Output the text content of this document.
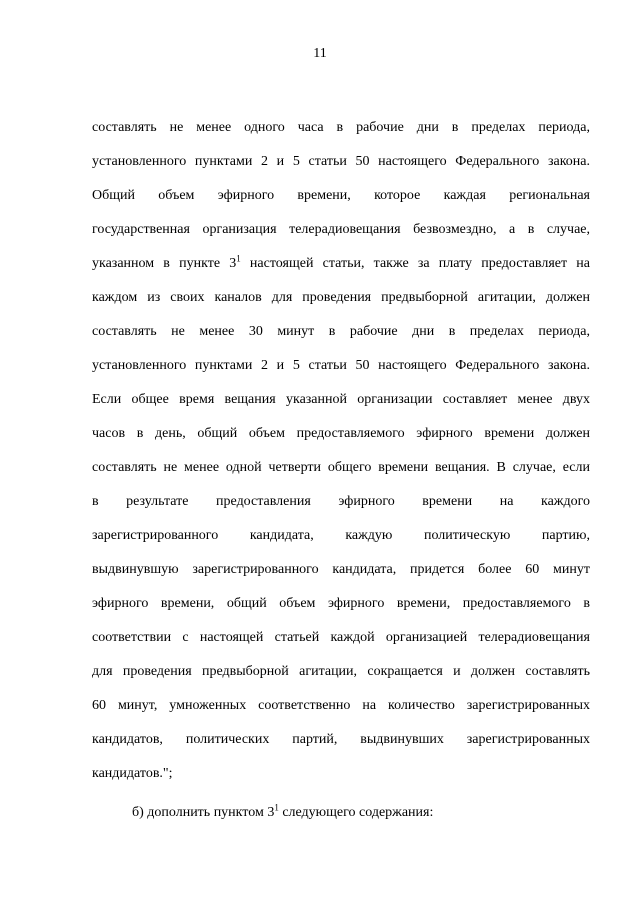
11
составлять не менее одного часа в рабочие дни в пределах периода,
установленного пунктами 2 и 5 статьи 50 настоящего Федерального закона.
Общий объем эфирного времени, которое каждая региональная
государственная организация телерадиовещания безвозмездно, а в случае,
указанном в пункте $3^1$ настоящей статьи, также за плату предоставляет на
каждом из своих каналов для проведения предвыборной агитации, должен
составлять не менее 30 минут в рабочие дни в пределах периода,
установленного пунктами 2 и 5 статьи 50 настоящего Федерального закона.
Если общее время вещания указанной организации составляет менее двух
часов в день, общий объем предоставляемого эфирного времени должен
составлять не менее одной четверти общего времени вещания. В случае, если
в результате предоставления эфирного времени на каждого
зарегистрированного кандидата, каждую политическую партию,
выдвинувшую зарегистрированного кандидата, придется более 60 минут
эфирного времени, общий объем эфирного времени, предоставляемого в
соответствии с настоящей статьей каждой организацией телерадиовещания
для проведения предвыборной агитации, сокращается и должен составлять
60 минут, умноженных соответственно на количество зарегистрированных
кандидатов, политических партий, выдвинувших зарегистрированных
кандидатов.";
б) дополнить пунктом $3^1$ следующего содержания:
